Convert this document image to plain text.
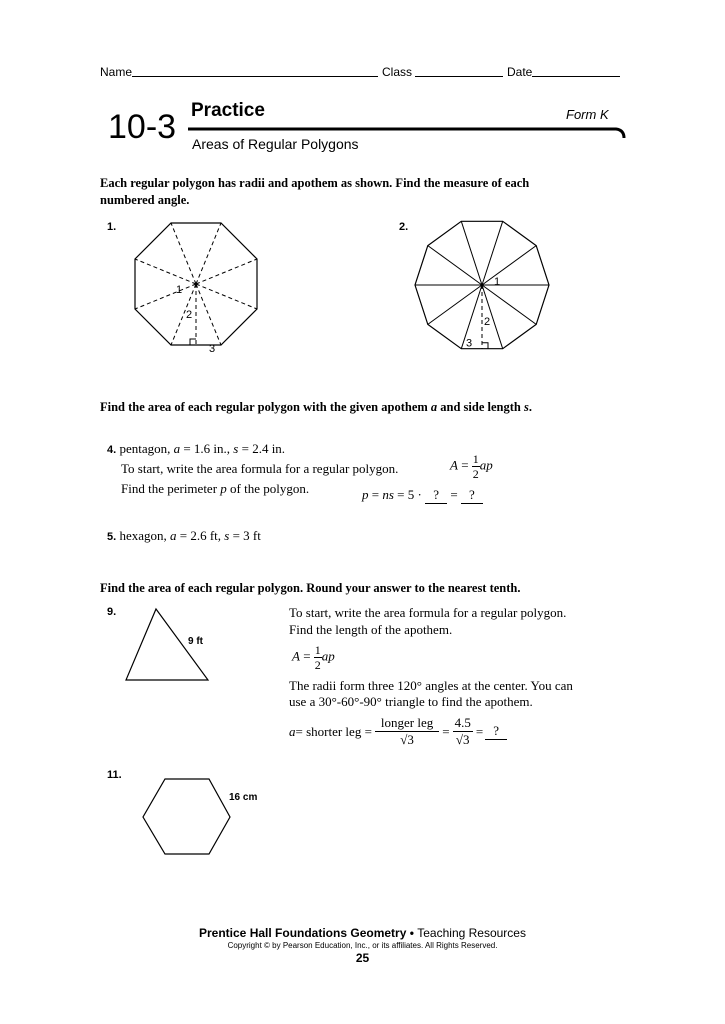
Name	Class	Date
10-3 Practice	Form K
Areas of Regular Polygons
Each regular polygon has radii and apothem as shown. Find the measure of each numbered angle.
1.	2.
1
2
3
1
2
3
Find the area of each regular polygon with the given apothem a and side length s.
4. pentagon, a = 1.6 in., s = 2.4 in.
To start, write the area formula for a regular polygon.
Find the perimeter p of the polygon.
$A = \frac{1}{2}$ ap
p = ns = 5 · ? = ?
5. hexagon, a = 2.6 ft, s = 3 ft
Find the area of each regular polygon. Round your answer to the nearest tenth.
9.
9 ft
To start, write the area formula for a regular polygon.
Find the length of the apothem.
$A = \frac{1}{2}$ ap
The radii form three 120° angles at the center. You can
use a 30°-60°-90° triangle to find the apothem.
a = shorter leg = $\frac{\text{longer leg}}{√3} = \frac{4.5}{√3}$ = ?
11.
16 cm
Prentice Hall Foundations Geometry • Teaching Resources
Copyright © by Pearson Education, Inc., or its affiliates. All Rights Reserved.
25
